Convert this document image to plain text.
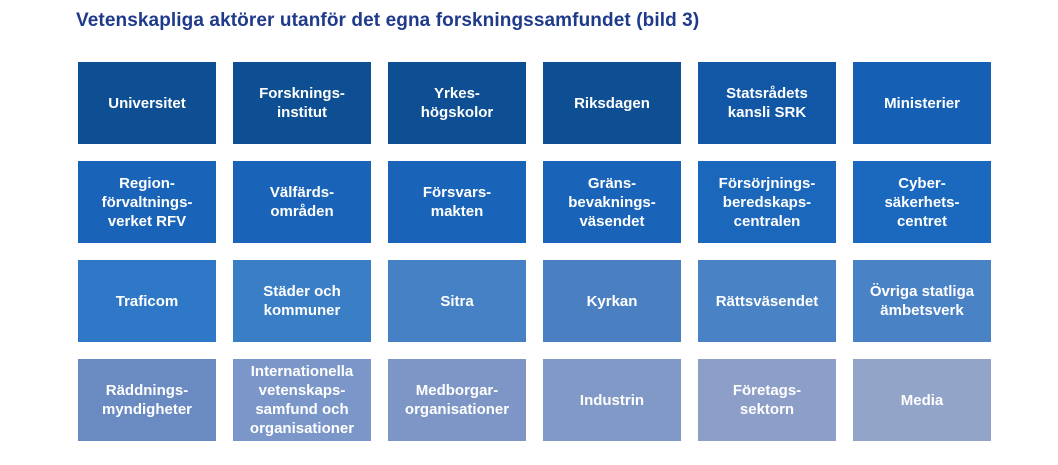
Vetenskapliga aktörer utanför det egna forskningssamfundet (bild 3)
Universitet
Forsknings-
institut
Yrkes-
högskolor
Riksdagen
Statsrådets
kansli SRK
Ministerier
Region-
förvaltnings-
verket RFV
Välfärds-
områden
Försvars-
makten
Gräns-
bevaknings-
väsendet
Försörjnings-
beredskaps-
centralen
Cyber-
säkerhets-
centret
Traficom
Städer och
kommuner
Sitra	Kyrkan	Rättsväsendet
Övriga statliga
ämbetsverk
Räddnings-
myndigheter
Internationella
vetenskaps-
samfund och
organisationer
Medborgar-
organisationer
Industrin
Företags-
sektorn
Media
